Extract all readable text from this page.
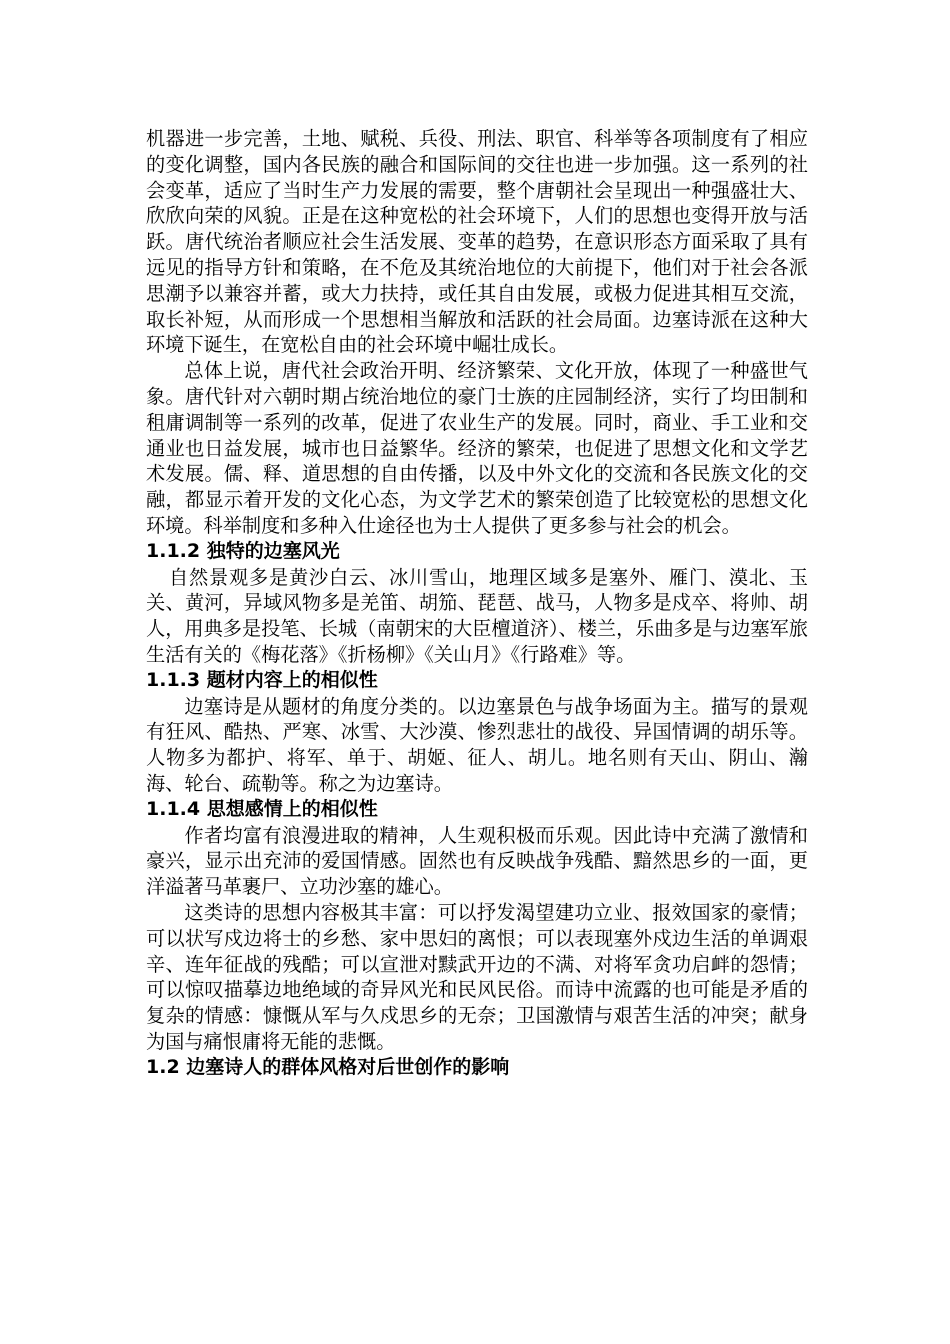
机器进一步完善，土地、赋税、兵役、刑法、职官、科举等各项制度有了相应的变化调整，国内各民族的融合和国际间的交往也进一步加强。这一系列的社会变革，适应了当时生产力发展的需要，整个唐朝社会呈现出一种强盛壮大、欣欣向荣的风貌。正是在这种宽松的社会环境下，人们的思想也变得开放与活跃。唐代统治者顺应社会生活发展、变革的趋势，在意识形态方面采取了具有远见的指导方针和策略，在不危及其统治地位的大前提下，他们对于社会各派思潮予以兼容并蓄，或大力扶持，或任其自由发展，或极力促进其相互交流，取长补短，从而形成一个思想相当解放和活跃的社会局面。边塞诗派在这种大环境下诞生，在宽松自由的社会环境中崛壮成长。

总体上说，唐代社会政治开明、经济繁荣、文化开放，体现了一种盛世气象。唐代针对六朝时期占统治地位的豪门士族的庄园制经济，实行了均田制和租庸调制等一系列的改革，促进了农业生产的发展。同时，商业、手工业和交通业也日益发展，城市也日益繁华。经济的繁荣，也促进了思想文化和文学艺术发展。儒、释、道思想的自由传播，以及中外文化的交流和各民族文化的交融，都显示着开发的文化心态，为文学艺术的繁荣创造了比较宽松的思想文化环境。科举制度和多种入仕途径也为士人提供了更多参与社会的机会。

1.1.2 独特的边塞风光

自然景观多是黄沙白云、冰川雪山，地理区域多是塞外、雁门、漠北、玉关、黄河，异域风物多是羌笛、胡笳、琵琶、战马，人物多是戍卒、将帅、胡人，用典多是投笔、长城（南朝宋的大臣檀道济）、楼兰，乐曲多是与边塞军旅生活有关的《梅花落》《折杨柳》《关山月》《行路难》等。

1.1.3 题材内容上的相似性

边塞诗是从题材的角度分类的。以边塞景色与战争场面为主。描写的景观有狂风、酷热、严寒、冰雪、大沙漠、惨烈悲壮的战役、异国情调的胡乐等。人物多为都护、将军、单于、胡姬、征人、胡儿。地名则有天山、阴山、瀚海、轮台、疏勒等。称之为边塞诗。

1.1.4 思想感情上的相似性

作者均富有浪漫进取的精神，人生观积极而乐观。因此诗中充满了激情和豪兴，显示出充沛的爱国情感。固然也有反映战争残酷、黯然思乡的一面，更洋溢著马革裹尸、立功沙塞的雄心。

这类诗的思想内容极其丰富：可以抒发渴望建功立业、报效国家的豪情；可以状写戍边将士的乡愁、家中思妇的离恨；可以表现塞外戍边生活的单调艰辛、连年征战的残酷；可以宣泄对黩武开边的不满、对将军贪功启衅的怨情；可以惊叹描摹边地绝域的奇异风光和民风民俗。而诗中流露的也可能是矛盾的复杂的情感：慷慨从军与久戍思乡的无奈；卫国激情与艰苦生活的冲突；献身为国与痛恨庸将无能的悲慨。

1.2 边塞诗人的群体风格对后世创作的影响
